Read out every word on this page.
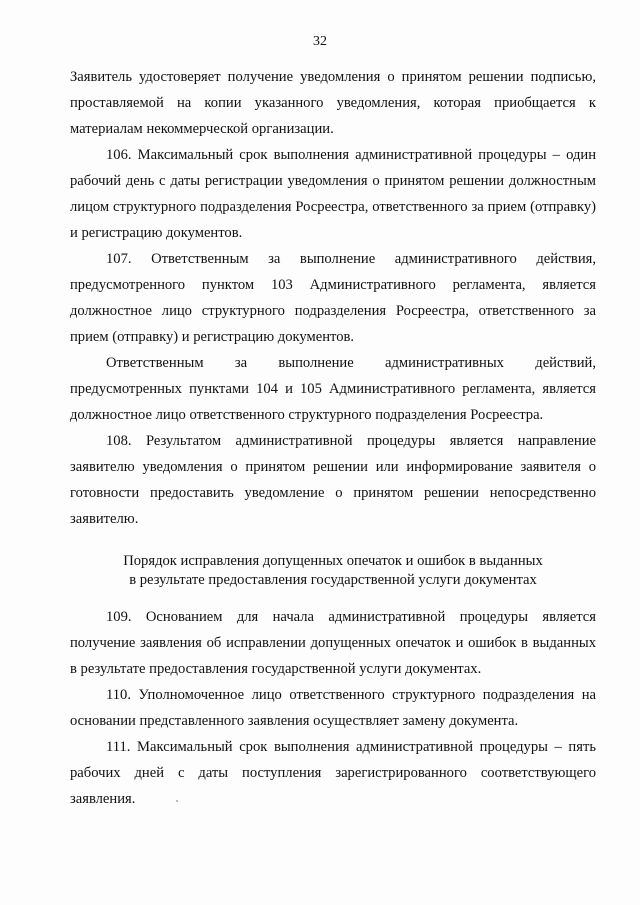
32

Заявитель удостоверяет получение уведомления о принятом решении подписью, проставляемой на копии указанного уведомления, которая приобщается к материалам некоммерческой организации.

106. Максимальный срок выполнения административной процедуры – один рабочий день с даты регистрации уведомления о принятом решении должностным лицом структурного подразделения Росреестра, ответственного за прием (отправку) и регистрацию документов.

107. Ответственным за выполнение административного действия, предусмотренного пунктом 103 Административного регламента, является должностное лицо структурного подразделения Росреестра, ответственного за прием (отправку) и регистрацию документов.

Ответственным за выполнение административных действий, предусмотренных пунктами 104 и 105 Административного регламента, является должностное лицо ответственного структурного подразделения Росреестра.

108. Результатом административной процедуры является направление заявителю уведомления о принятом решении или информирование заявителя о готовности предоставить уведомление о принятом решении непосредственно заявителю.

Порядок исправления допущенных опечаток и ошибок в выданных
в результате предоставления государственной услуги документах

109. Основанием для начала административной процедуры является получение заявления об исправлении допущенных опечаток и ошибок в выданных в результате предоставления государственной услуги документах.

110. Уполномоченное лицо ответственного структурного подразделения на основании представленного заявления осуществляет замену документа.

111. Максимальный срок выполнения административной процедуры – пять рабочих дней с даты поступления зарегистрированного соответствующего заявления.
